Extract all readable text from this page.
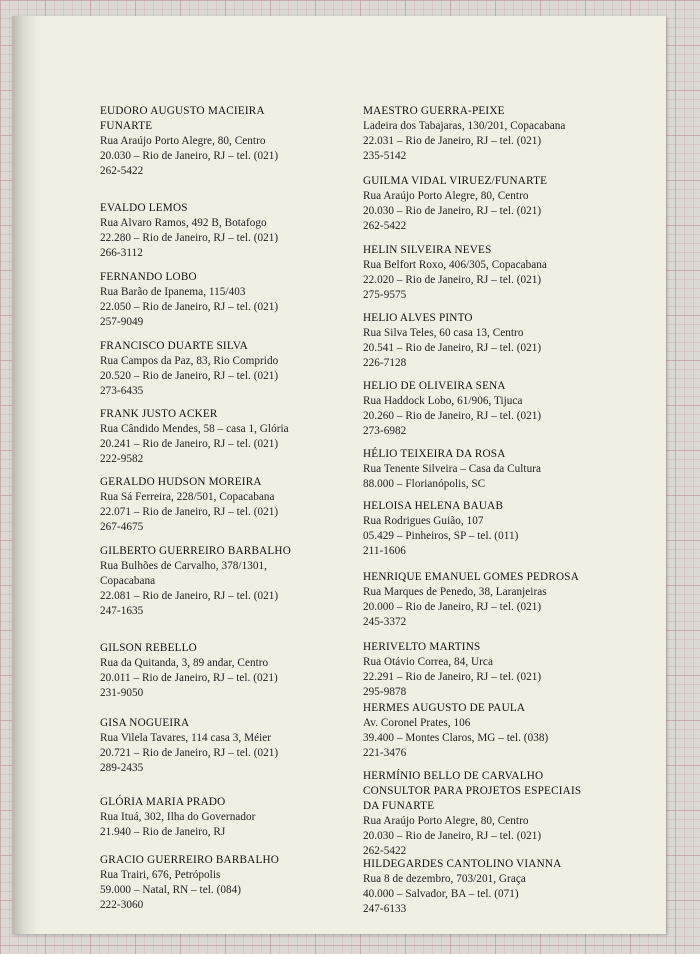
EUDORO AUGUSTO MACIEIRA
FUNARTE
Rua Araújo Porto Alegre, 80, Centro
20.030 – Rio de Janeiro, RJ – tel. (021)
262-5422
EVALDO LEMOS
Rua Alvaro Ramos, 492 B, Botafogo
22.280 – Rio de Janeiro, RJ – tel. (021)
266-3112
FERNANDO LOBO
Rua Barão de Ipanema, 115/403
22.050 – Rio de Janeiro, RJ – tel. (021)
257-9049
FRANCISCO DUARTE SILVA
Rua Campos da Paz, 83, Rio Comprido
20.520 – Rio de Janeiro, RJ – tel. (021)
273-6435
FRANK JUSTO ACKER
Rua Cândido Mendes, 58 – casa 1, Glória
20.241 – Rio de Janeiro, RJ – tel. (021)
222-9582
GERALDO HUDSON MOREIRA
Rua Sá Ferreira, 228/501, Copacabana
22.071 – Rio de Janeiro, RJ – tel. (021)
267-4675
GILBERTO GUERREIRO BARBALHO
Rua Bulhões de Carvalho, 378/1301,
Copacabana
22.081 – Rio de Janeiro, RJ – tel. (021)
247-1635
GILSON REBELLO
Rua da Quitanda, 3, 89 andar, Centro
20.011 – Rio de Janeiro, RJ – tel. (021)
231-9050
GISA NOGUEIRA
Rua Vilela Tavares, 114 casa 3, Méier
20.721 – Rio de Janeiro, RJ – tel. (021)
289-2435
GLÓRIA MARIA PRADO
Rua Ituá, 302, Ilha do Governador
21.940 – Rio de Janeiro, RJ
GRACIO GUERREIRO BARBALHO
Rua Trairi, 676, Petrópolis
59.000 – Natal, RN – tel. (084)
222-3060
MAESTRO GUERRA-PEIXE
Ladeira dos Tabajaras, 130/201, Copacabana
22.031 – Rio de Janeiro, RJ – tel. (021)
235-5142
GUILMA VIDAL VIRUEZ/FUNARTE
Rua Araújo Porto Alegre, 80, Centro
20.030 – Rio de Janeiro, RJ – tel. (021)
262-5422
HELIN SILVEIRA NEVES
Rua Belfort Roxo, 406/305, Copacabana
22.020 – Rio de Janeiro, RJ – tel. (021)
275-9575
HELIO ALVES PINTO
Rua Silva Teles, 60 casa 13, Centro
20.541 – Rio de Janeiro, RJ – tel. (021)
226-7128
HELIO DE OLIVEIRA SENA
Rua Haddock Lobo, 61/906, Tijuca
20.260 – Rio de Janeiro, RJ – tel. (021)
273-6982
HÉLIO TEIXEIRA DA ROSA
Rua Tenente Silveira – Casa da Cultura
88.000 – Florianópolis, SC
HELOISA HELENA BAUAB
Rua Rodrigues Guião, 107
05.429 – Pinheiros, SP – tel. (011)
211-1606
HENRIQUE EMANUEL GOMES PEDROSA
Rua Marques de Penedo, 38, Laranjeiras
20.000 – Rio de Janeiro, RJ – tel. (021)
245-3372
HERIVELTO MARTINS
Rua Otávio Correa, 84, Urca
22.291 – Rio de Janeiro, RJ – tel. (021)
295-9878
HERMES AUGUSTO DE PAULA
Av. Coronel Prates, 106
39.400 – Montes Claros, MG – tel. (038)
221-3476
HERMÍNIO BELLO DE CARVALHO
CONSULTOR PARA PROJETOS ESPECIAIS
DA FUNARTE
Rua Araújo Porto Alegre, 80, Centro
20.030 – Rio de Janeiro, RJ – tel. (021)
262-5422
HILDEGARDES CANTOLINO VIANNA
Rua 8 de dezembro, 703/201, Graça
40.000 – Salvador, BA – tel. (071)
247-6133
